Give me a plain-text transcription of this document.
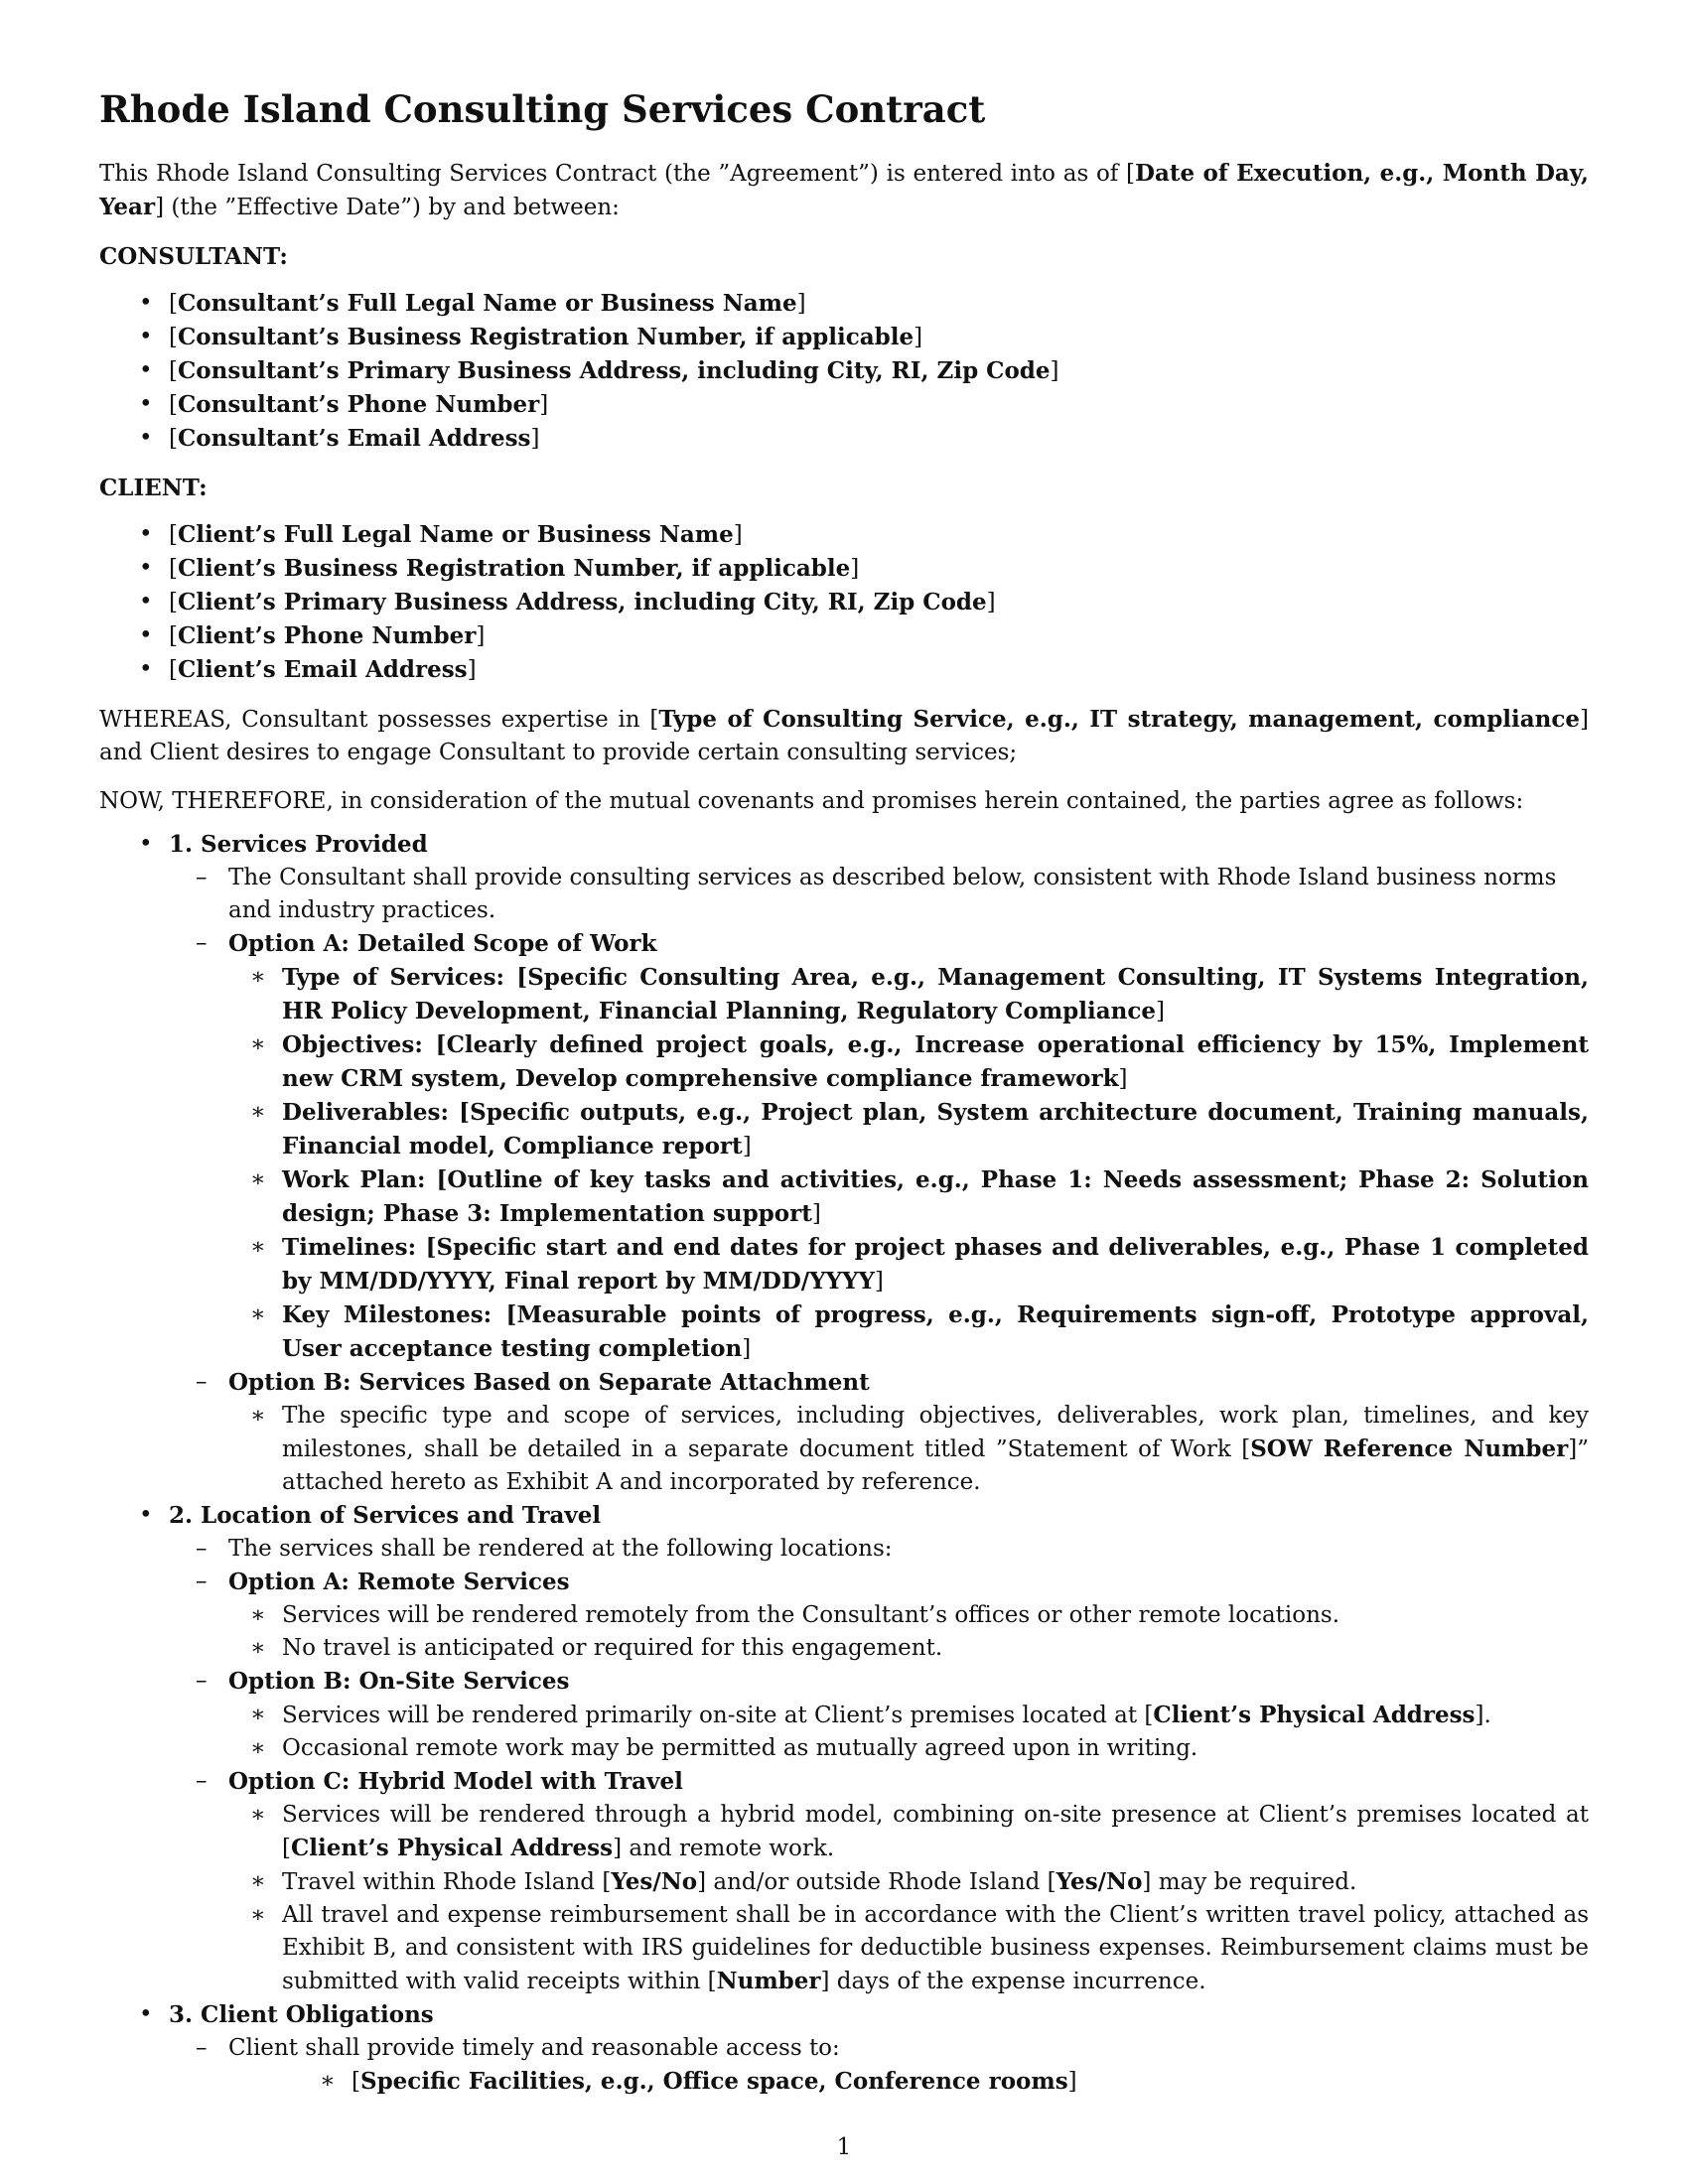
Rhode Island Consulting Services Contract

This Rhode Island Consulting Services Contract (the ”Agreement”) is entered into as of [Date of Execution, e.g., Month Day, Year] (the ”Effective Date”) by and between:

CONSULTANT:
• [Consultant’s Full Legal Name or Business Name]
• [Consultant’s Business Registration Number, if applicable]
• [Consultant’s Primary Business Address, including City, RI, Zip Code]
• [Consultant’s Phone Number]
• [Consultant’s Email Address]
CLIENT:
• [Client’s Full Legal Name or Business Name]
• [Client’s Business Registration Number, if applicable]
• [Client’s Primary Business Address, including City, RI, Zip Code]
• [Client’s Phone Number]
• [Client’s Email Address]

WHEREAS, Consultant possesses expertise in [Type of Consulting Service, e.g., IT strategy, management, compliance] and Client desires to engage Consultant to provide certain consulting services;

NOW, THEREFORE, in consideration of the mutual covenants and promises herein contained, the parties agree as follows:

• 1. Services Provided
– The Consultant shall provide consulting services as described below, consistent with Rhode Island business norms and industry practices.
– Option A: Detailed Scope of Work
∗ Type of Services: [Specific Consulting Area, e.g., Management Consulting, IT Systems Integration, HR Policy Development, Financial Planning, Regulatory Compliance]
∗ Objectives: [Clearly defined project goals, e.g., Increase operational efficiency by 15%, Implement new CRM system, Develop comprehensive compliance framework]
∗ Deliverables: [Specific outputs, e.g., Project plan, System architecture document, Training manuals, Financial model, Compliance report]
∗ Work Plan: [Outline of key tasks and activities, e.g., Phase 1: Needs assessment; Phase 2: Solution design; Phase 3: Implementation support]
∗ Timelines: [Specific start and end dates for project phases and deliverables, e.g., Phase 1 completed by MM/DD/YYYY, Final report by MM/DD/YYYY]
∗ Key Milestones: [Measurable points of progress, e.g., Requirements sign-off, Prototype approval, User acceptance testing completion]
– Option B: Services Based on Separate Attachment
∗ The specific type and scope of services, including objectives, deliverables, work plan, timelines, and key milestones, shall be detailed in a separate document titled ”Statement of Work [SOW Reference Number]” attached hereto as Exhibit A and incorporated by reference.
• 2. Location of Services and Travel
– The services shall be rendered at the following locations:
– Option A: Remote Services
∗ Services will be rendered remotely from the Consultant’s offices or other remote locations.
∗ No travel is anticipated or required for this engagement.
– Option B: On-Site Services
∗ Services will be rendered primarily on-site at Client’s premises located at [Client’s Physical Address].
∗ Occasional remote work may be permitted as mutually agreed upon in writing.
– Option C: Hybrid Model with Travel
∗ Services will be rendered through a hybrid model, combining on-site presence at Client’s premises located at [Client’s Physical Address] and remote work.
∗ Travel within Rhode Island [Yes/No] and/or outside Rhode Island [Yes/No] may be required.
∗ All travel and expense reimbursement shall be in accordance with the Client’s written travel policy, attached as Exhibit B, and consistent with IRS guidelines for deductible business expenses. Reimbursement claims must be submitted with valid receipts within [Number] days of the expense incurrence.
• 3. Client Obligations
– Client shall provide timely and reasonable access to:
∗ [Specific Facilities, e.g., Office space, Conference rooms]
1
